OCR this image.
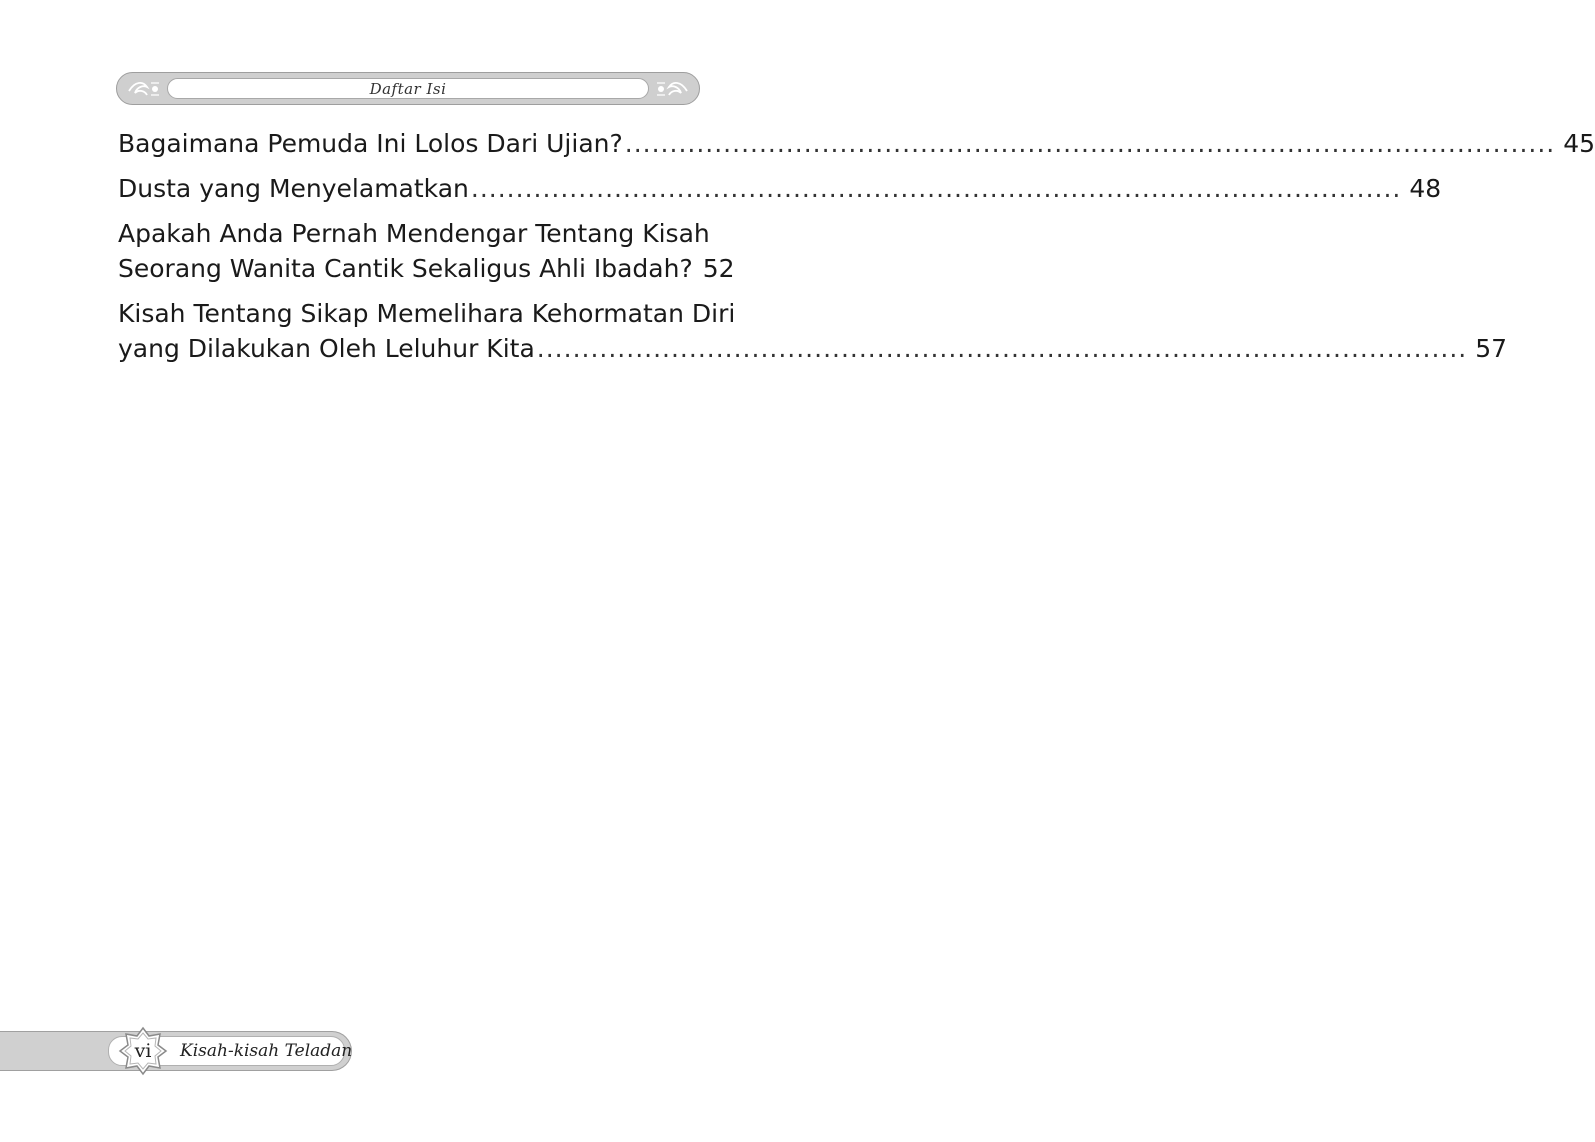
Daftar Isi
Bagaimana Pemuda Ini Lolos Dari Ujian? ........................................................................................................ 45
Dusta yang Menyelamatkan ........................................................................................................ 48
Apakah Anda Pernah Mendengar Tentang Kisah
Seorang Wanita Cantik Sekaligus Ahli Ibadah? 52
Kisah Tentang Sikap Memelihara Kehormatan Diri
yang Dilakukan Oleh Leluhur Kita ........................................................................................................ 57
vi	Kisah-kisah Teladan
